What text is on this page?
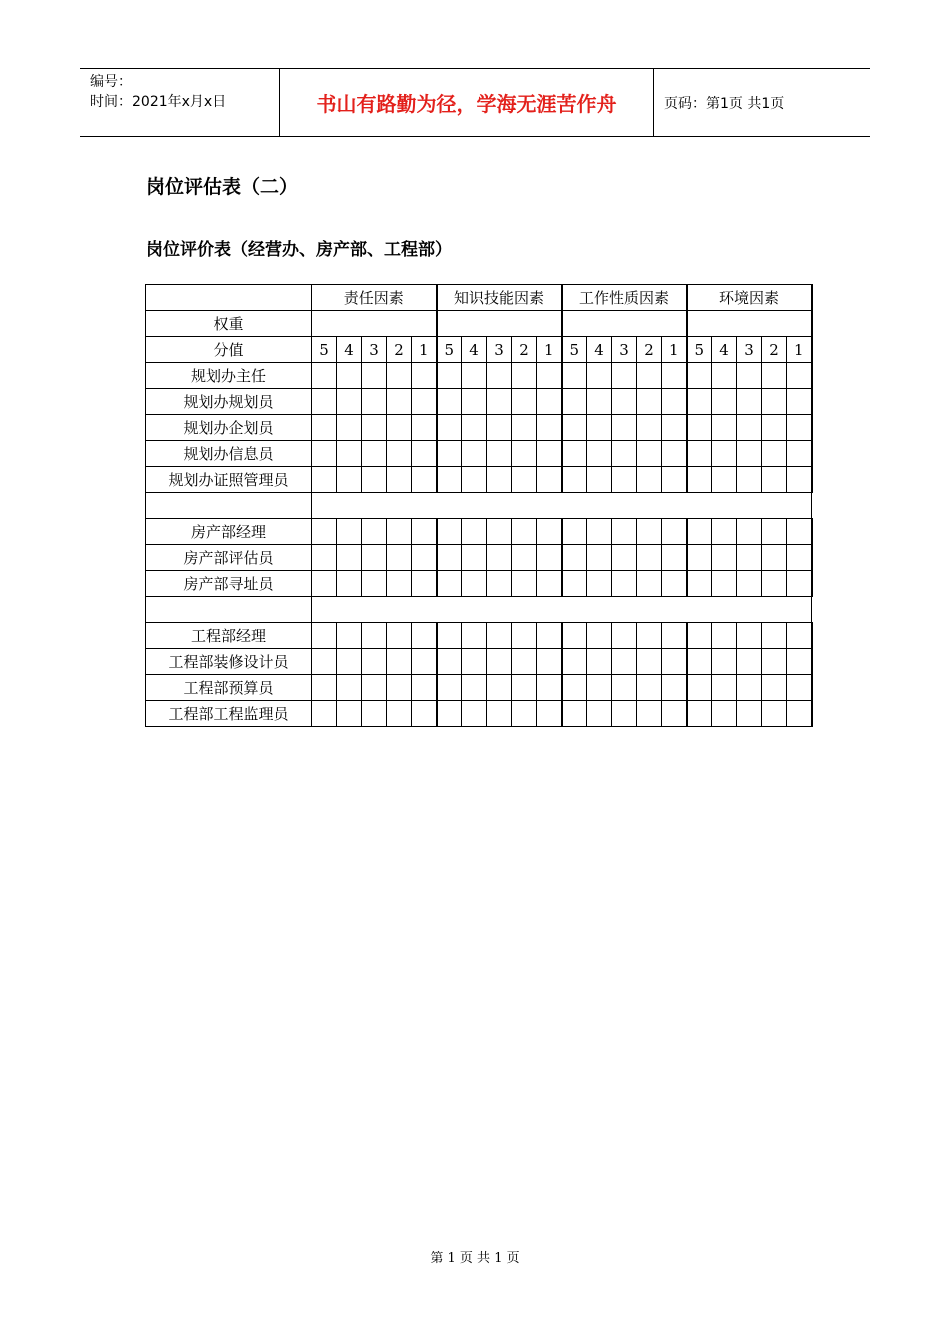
编号：
时间：2021年x月x日	书山有路勤为径，学海无涯苦作舟	页码：第1页 共1页
岗位评估表（二）
岗位评价表（经营办、房产部、工程部）
	责任因素					知识技能因素					工作性质因素					环境因素				
权重																				
分值	5	4	3	2	1	5	4	3	2	1	5	4	3	2	1	5	4	3	2	1
规划办主任																				
规划办规划员																				
规划办企划员																				
规划办信息员																				
规划办证照管理员																				

房产部经理																				
房产部评估员																				
房产部寻址员																				

工程部经理																				
工程部装修设计员																				
工程部预算员																				
工程部工程监理员																				
第 1 页 共 1 页
